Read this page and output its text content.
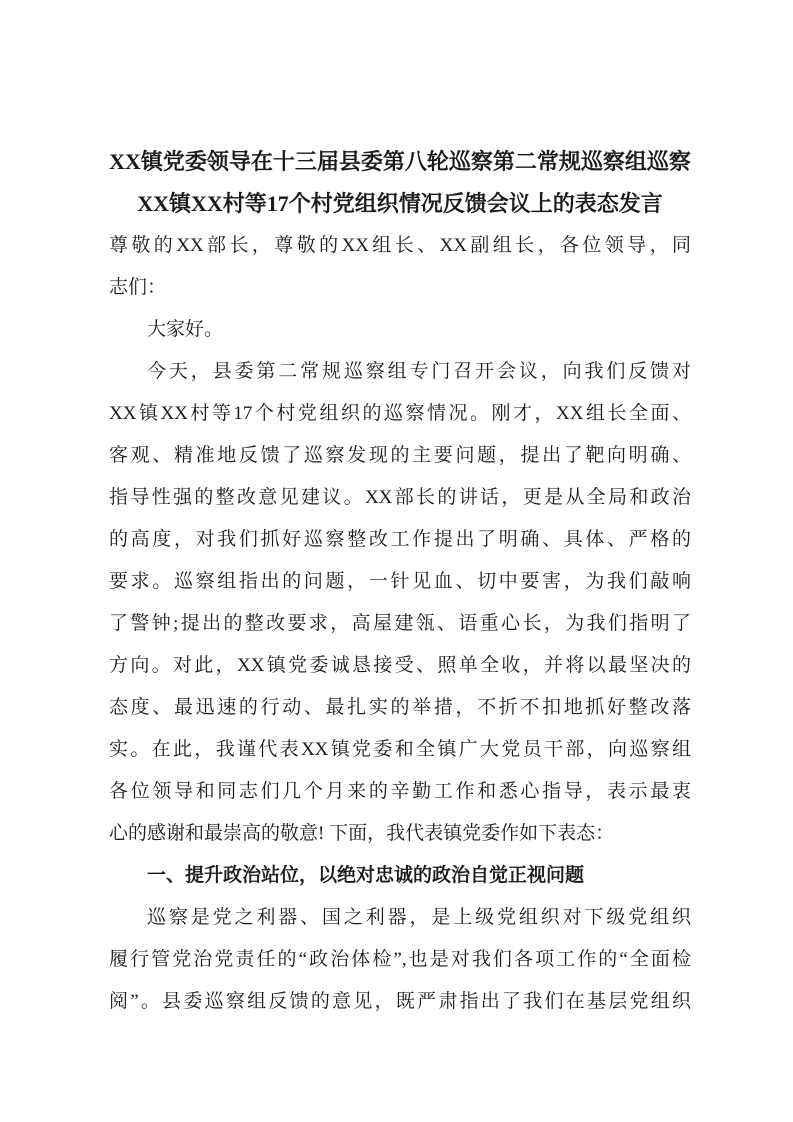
XX镇党委领导在十三届县委第八轮巡察第二常规巡察组巡察
XX镇XX村等17个村党组织情况反馈会议上的表态发言
尊敬的XX部长，尊敬的XX组长、XX副组长，各位领导，同
志们：
大家好。
今天，县委第二常规巡察组专门召开会议，向我们反馈对
XX镇XX村等17个村党组织的巡察情况。刚才，XX组长全面、
客观、精准地反馈了巡察发现的主要问题，提出了靶向明确、
指导性强的整改意见建议。XX部长的讲话，更是从全局和政治
的高度，对我们抓好巡察整改工作提出了明确、具体、严格的
要求。巡察组指出的问题，一针见血、切中要害，为我们敲响
了警钟;提出的整改要求，高屋建瓴、语重心长，为我们指明了
方向。对此，XX镇党委诚恳接受、照单全收，并将以最坚决的
态度、最迅速的行动、最扎实的举措，不折不扣地抓好整改落
实。在此，我谨代表XX镇党委和全镇广大党员干部，向巡察组
各位领导和同志们几个月来的辛勤工作和悉心指导，表示最衷
心的感谢和最崇高的敬意! 下面，我代表镇党委作如下表态：
一、提升政治站位，以绝对忠诚的政治自觉正视问题
巡察是党之利器、国之利器，是上级党组织对下级党组织
履行管党治党责任的“政治体检”,也是对我们各项工作的“全面检
阅”。县委巡察组反馈的意见，既严肃指出了我们在基层党组织
